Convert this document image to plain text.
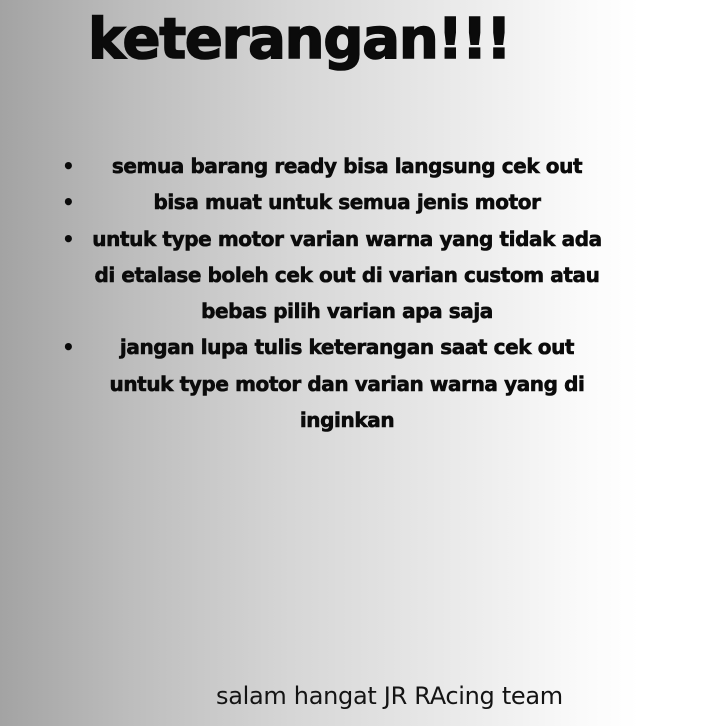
keterangan!!!
•	semua barang ready bisa langsung cek out
•	bisa muat untuk semua jenis motor
• untuk type motor varian warna yang tidak ada di etalase boleh cek out di varian custom atau bebas pilih varian apa saja
•	jangan lupa tulis keterangan saat cek out untuk type motor dan varian warna yang di inginkan

salam hangat JR RAcing team
